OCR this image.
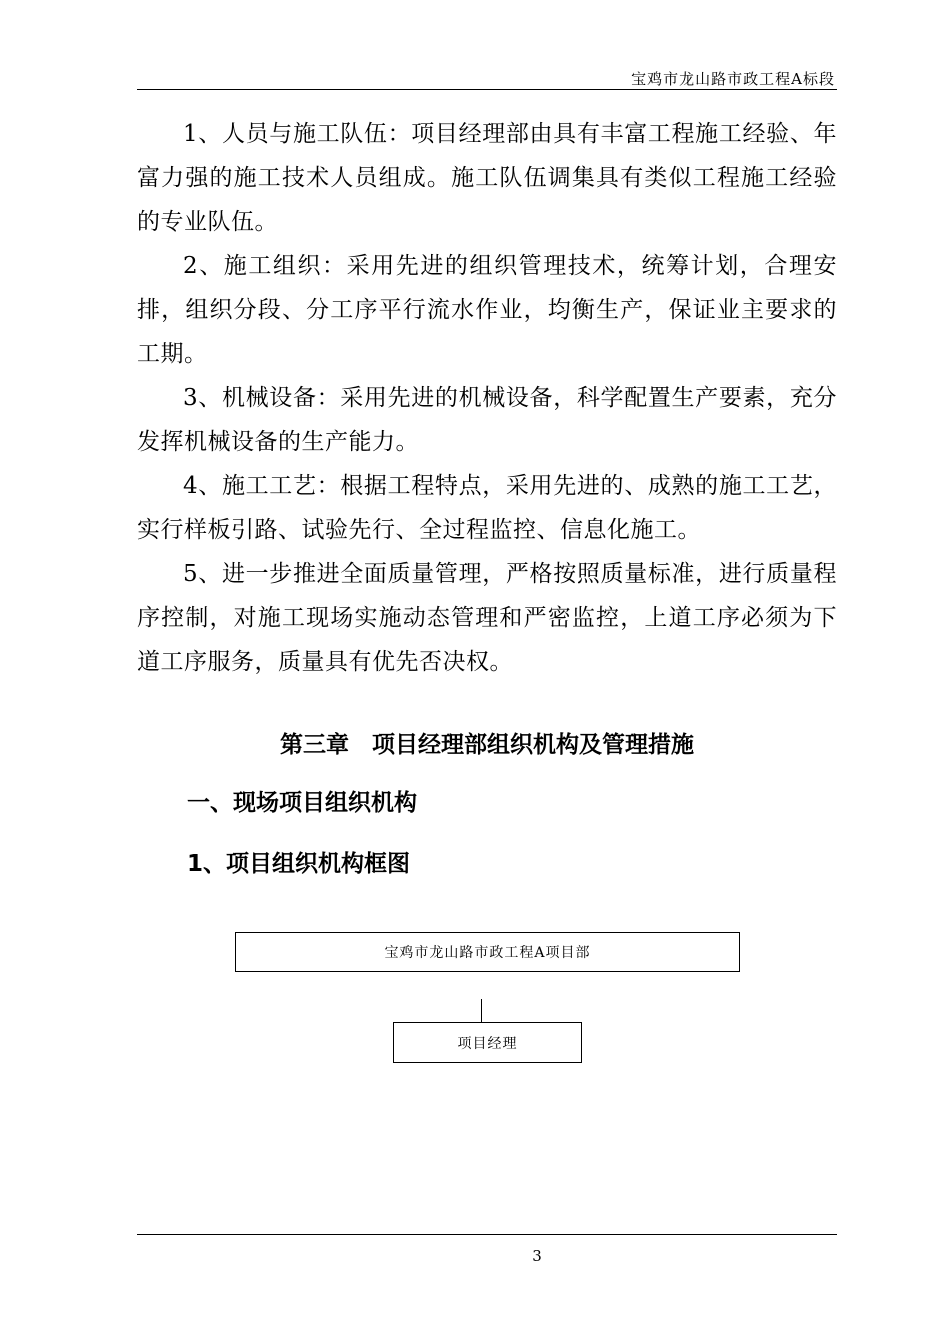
宝鸡市龙山路市政工程A标段

1、人员与施工队伍：项目经理部由具有丰富工程施工经验、年富力强的施工技术人员组成。施工队伍调集具有类似工程施工经验的专业队伍。

2、施工组织：采用先进的组织管理技术，统筹计划，合理安排，组织分段、分工序平行流水作业，均衡生产，保证业主要求的工期。

3、机械设备：采用先进的机械设备，科学配置生产要素，充分发挥机械设备的生产能力。

4、施工工艺：根据工程特点，采用先进的、成熟的施工工艺，实行样板引路、试验先行、全过程监控、信息化施工。

5、进一步推进全面质量管理，严格按照质量标准，进行质量程序控制，对施工现场实施动态管理和严密监控，上道工序必须为下道工序服务，质量具有优先否决权。

第三章　项目经理部组织机构及管理措施
一、现场项目组织机构
1、项目组织机构框图
宝鸡市龙山路市政工程A项目部
项目经理
3
